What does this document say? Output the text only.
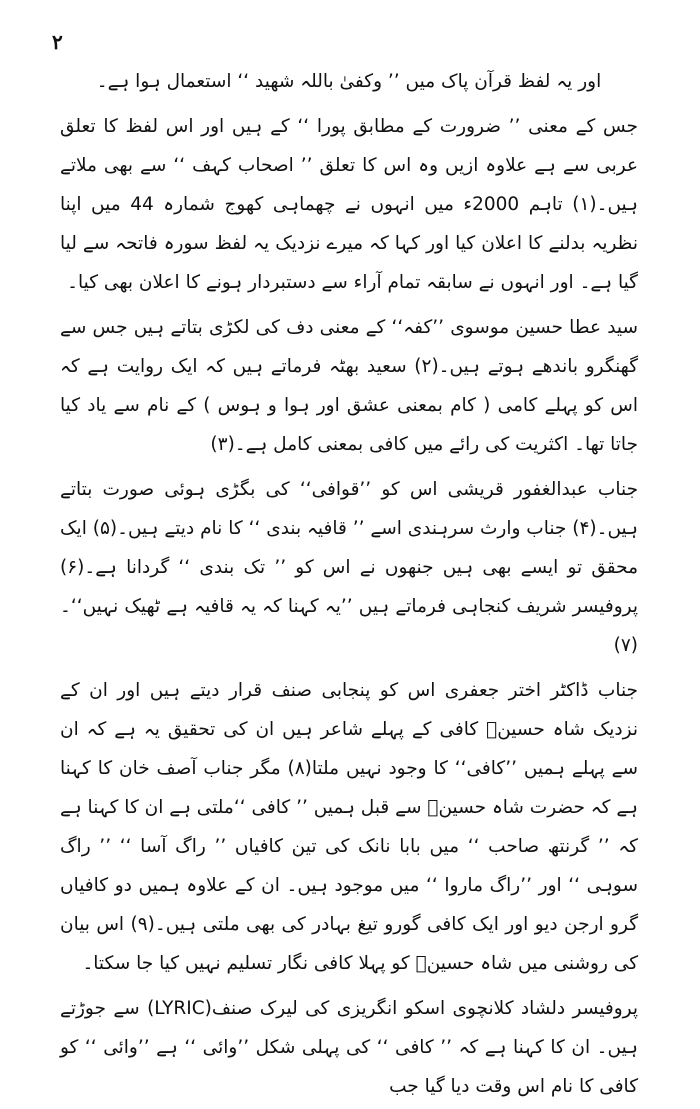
۲

اور یہ لفظ قرآن پاک میں ’’ وکفیٰ باللہ شھید ‘‘ استعمال ہوا ہے۔

جس کے معنی ’’ ضرورت کے مطابق پورا ‘‘ کے ہیں اور اس لفظ کا تعلق عربی سے ہے علاوہ ازیں وہ اس کا تعلق ’’ اصحاب کہف ‘‘ سے بھی ملاتے ہیں۔(۱) تاہم 2000ء میں انہوں نے چھماہی کھوج شمارہ 44 میں اپنا نظریہ بدلنے کا اعلان کیا اور کہا کہ میرے نزدیک یہ لفظ سورہ فاتحہ سے لیا گیا ہے۔ اور انہوں نے سابقہ تمام آراء سے دستبردار ہونے کا اعلان بھی کیا۔

سید عطا حسین موسوی ’’کفہ‘‘ کے معنی دف کی لکڑی بتاتے ہیں جس سے گھنگرو باندھے ہوتے ہیں۔(۲) سعید بھٹہ فرماتے ہیں کہ ایک روایت ہے کہ اس کو پہلے کامی ( کام بمعنی عشق اور ہوا و ہوس ) کے نام سے یاد کیا جاتا تھا۔ اکثریت کی رائے میں کافی بمعنی کامل ہے۔(۳)

جناب عبدالغفور قریشی اس کو ’’قوافی‘‘ کی بگڑی ہوئی صورت بتاتے ہیں۔(۴) جناب وارث سرہندی اسے ’’ قافیہ بندی ‘‘ کا نام دیتے ہیں۔(۵) ایک محقق تو ایسے بھی ہیں جنھوں نے اس کو ’’ تک بندی ‘‘ گردانا ہے۔(۶) پروفیسر شریف کنجاہی فرماتے ہیں ’’یہ کہنا کہ یہ قافیہ ہے ٹھیک نہیں‘‘۔(۷)

جناب ڈاکٹر اختر جعفری اس کو پنجابی صنف قرار دیتے ہیں اور ان کے نزدیک شاہ حسینؒ کافی کے پہلے شاعر ہیں ان کی تحقیق یہ ہے کہ ان سے پہلے ہمیں ’’کافی‘‘ کا وجود نہیں ملتا(۸) مگر جناب آصف خان کا کہنا ہے کہ حضرت شاہ حسینؒ سے قبل ہمیں ’’ کافی ‘‘ملتی ہے ان کا کہنا ہے کہ ’’ گرنتھ صاحب ‘‘ میں بابا نانک کی تین کافیاں ’’ راگ آسا ‘‘ ’’ راگ سوہی ‘‘ اور ’’راگ ماروا ‘‘ میں موجود ہیں۔ ان کے علاوہ ہمیں دو کافیاں گرو ارجن دیو اور ایک کافی گورو تیغ بہادر کی بھی ملتی ہیں۔(۹) اس بیان کی روشنی میں شاہ حسینؒ کو پہلا کافی نگار تسلیم نہیں کیا جا سکتا۔

پروفیسر دلشاد کلانچوی اسکو انگریزی کی لیرک صنف(LYRIC) سے جوڑتے ہیں۔ ان کا کہنا ہے کہ ’’ کافی ‘‘ کی پہلی شکل ’’وائی ‘‘ ہے ’’وائی ‘‘ کو کافی کا نام اس وقت دیا گیا جب
